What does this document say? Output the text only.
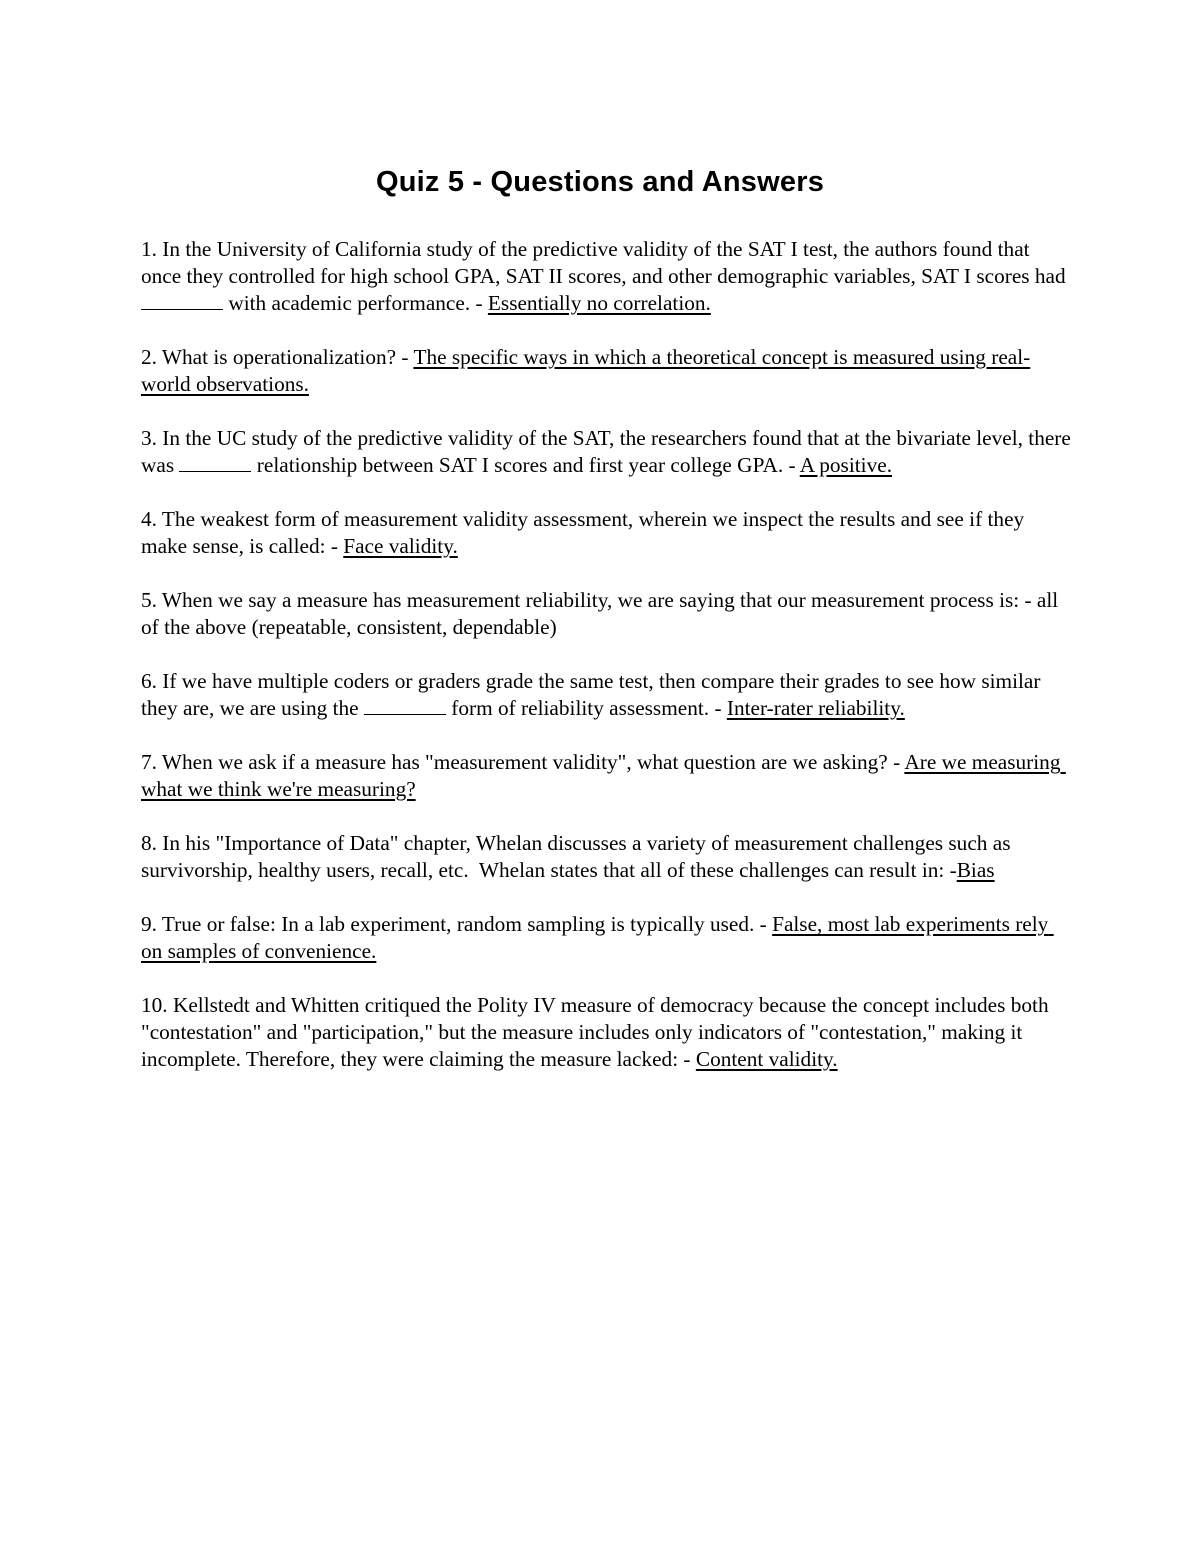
Quiz 5 - Questions and Answers
1. In the University of California study of the predictive validity of the SAT I test, the authors found that once they controlled for high school GPA, SAT II scores, and other demographic variables, SAT I scores had  with academic performance. - Essentially no correlation.
2. What is operationalization? - The specific ways in which a theoretical concept is measured using real-world observations.
3. In the UC study of the predictive validity of the SAT, the researchers found that at the bivariate level, there was	relationship between SAT I scores and first year college GPA. - A positive.
4. The weakest form of measurement validity assessment, wherein we inspect the results and see if they make sense, is called: - Face validity.
5. When we say a measure has measurement reliability, we are saying that our measurement process is: - all of the above (repeatable, consistent, dependable)
6. If we have multiple coders or graders grade the same test, then compare their grades to see how similar they are, we are using the	form of reliability assessment. - Inter-rater reliability.
7. When we ask if a measure has "measurement validity", what question are we asking? - Are we measuring what we think we're measuring?
8. In his "Importance of Data" chapter, Whelan discusses a variety of measurement challenges such as survivorship, healthy users, recall, etc.  Whelan states that all of these challenges can result in: -Bias
9. True or false: In a lab experiment, random sampling is typically used. - False, most lab experiments rely on samples of convenience.
10. Kellstedt and Whitten critiqued the Polity IV measure of democracy because the concept includes both "contestation" and "participation," but the measure includes only indicators of "contestation," making it incomplete. Therefore, they were claiming the measure lacked: - Content validity.
